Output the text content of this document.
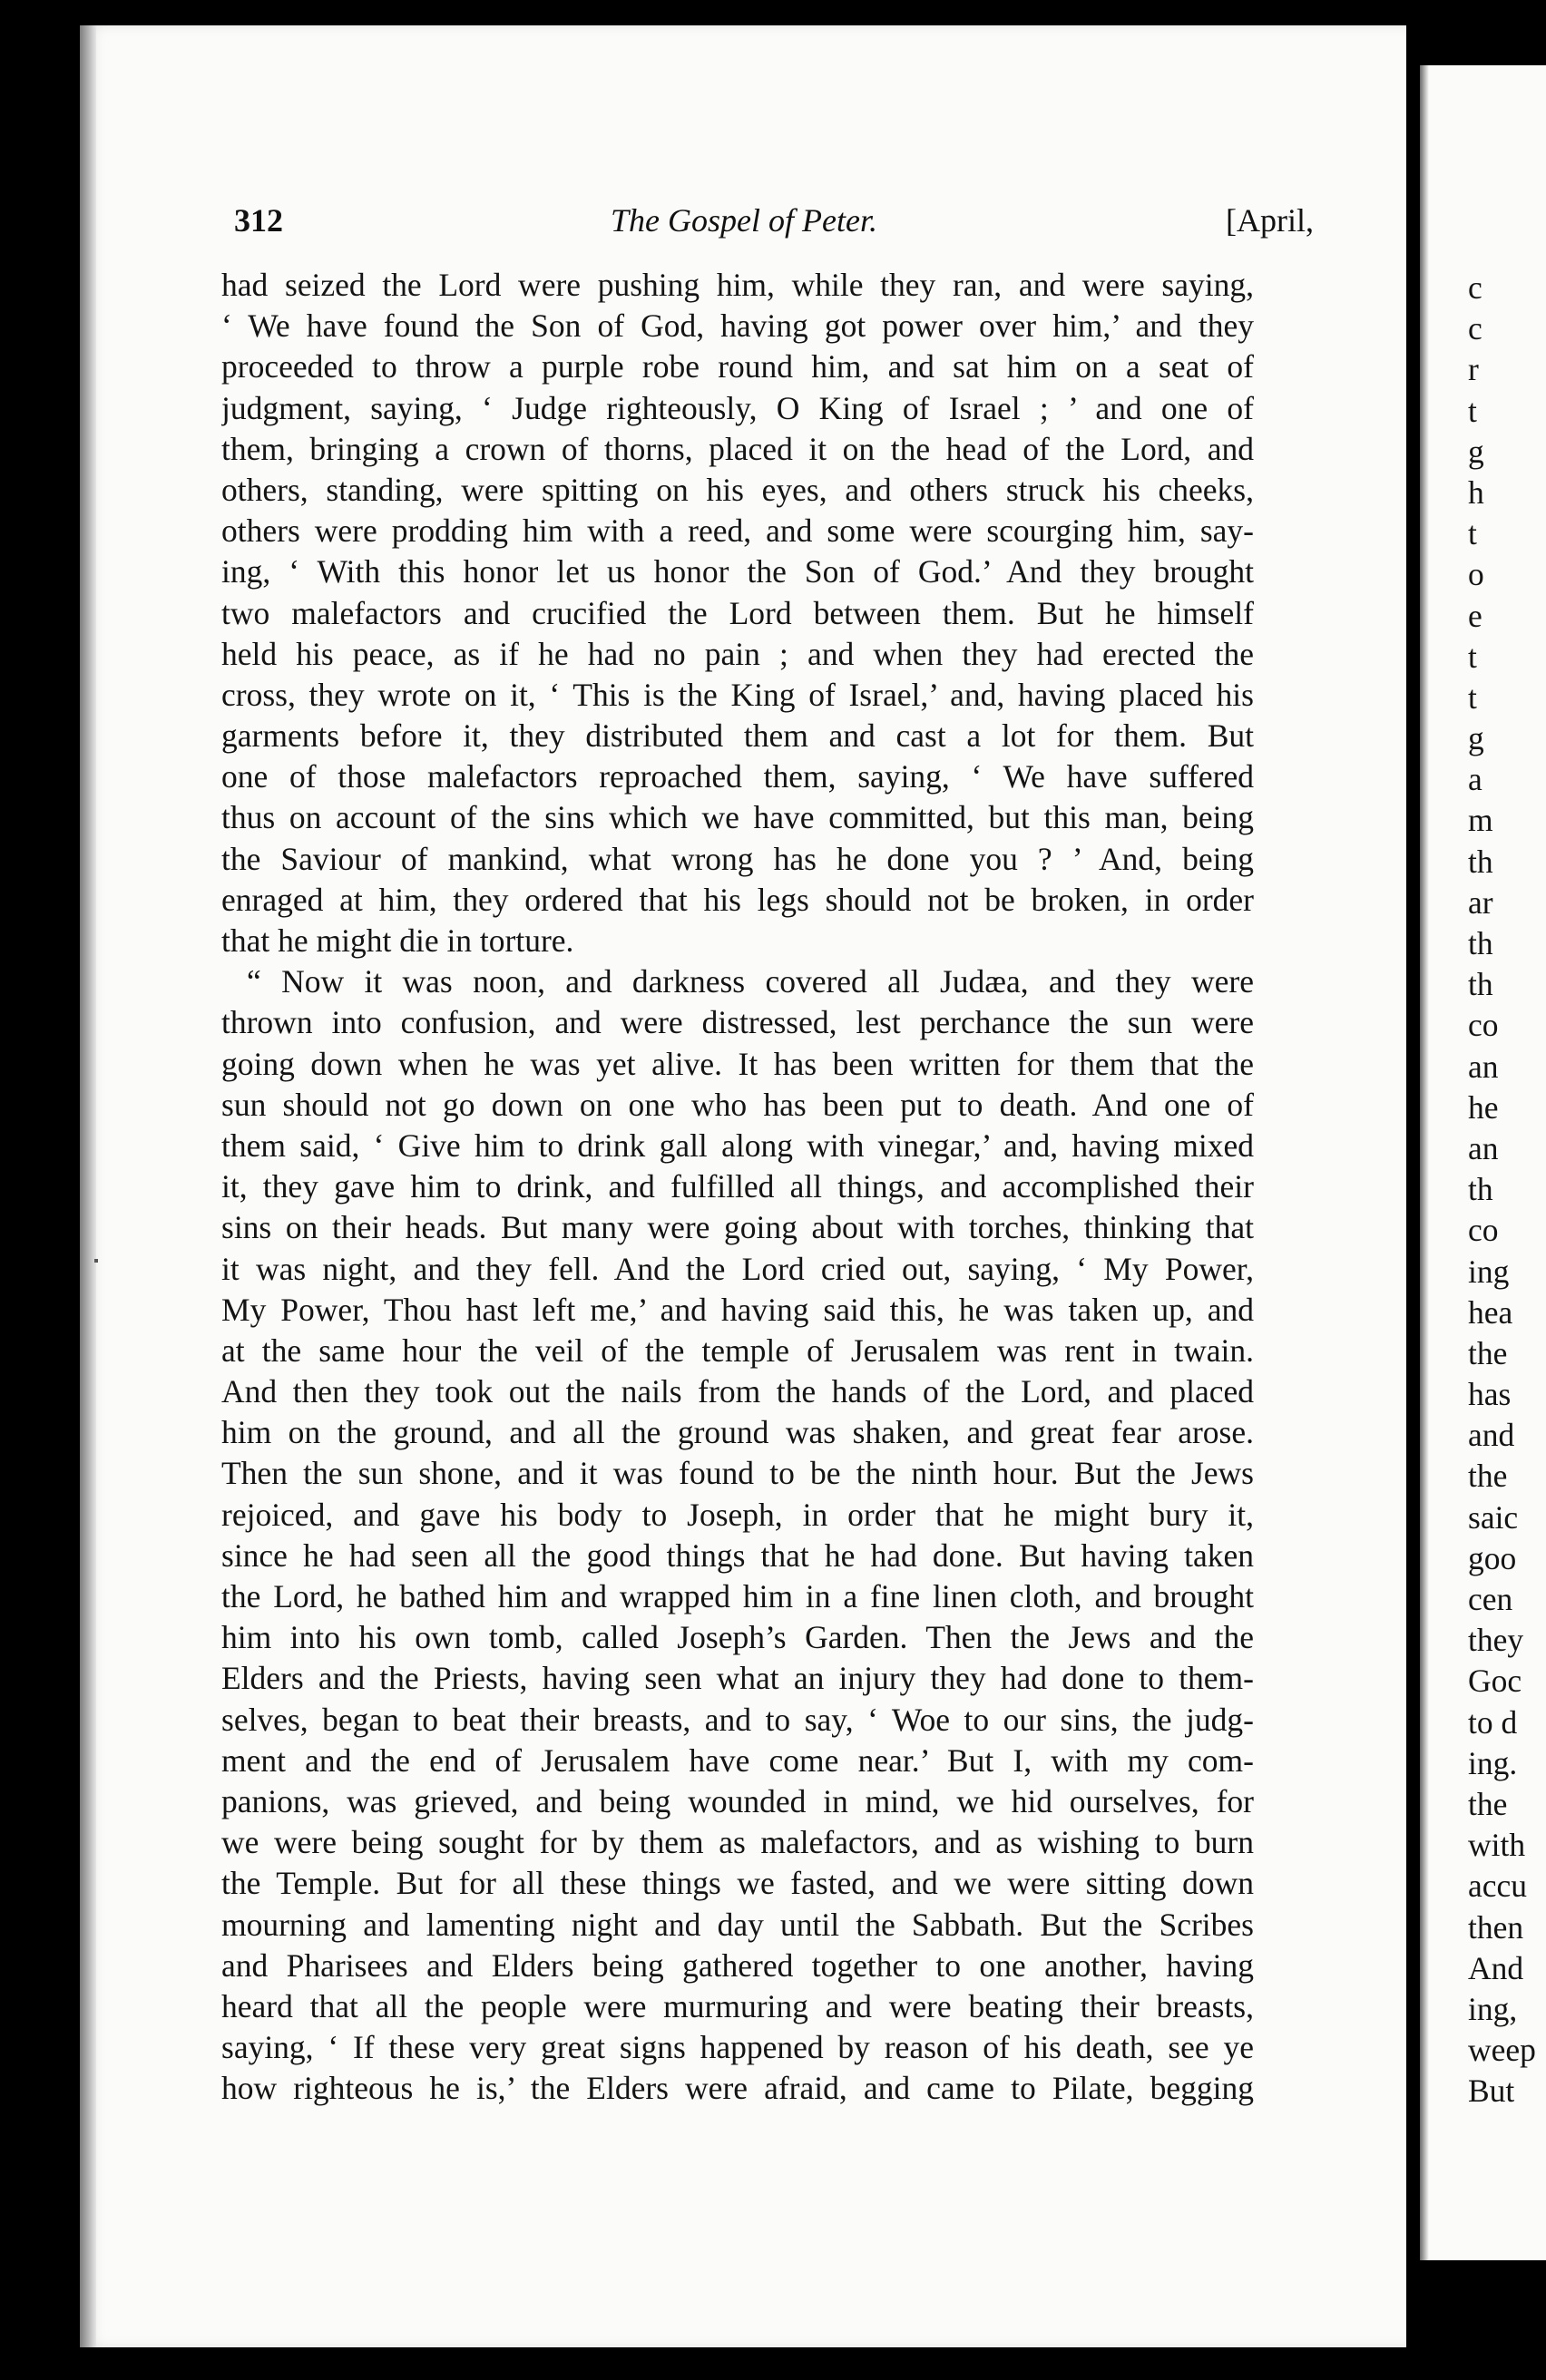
312	The Gospel of Peter.	[April,
had seized the Lord were pushing him, while they ran, and were saying,
‘ We have found the Son of God, having got power over him,’ and they
proceeded to throw a purple robe round him, and sat him on a seat of
judgment, saying, ‘ Judge righteously, O King of Israel ; ’ and one of
them, bringing a crown of thorns, placed it on the head of the Lord, and
others, standing, were spitting on his eyes, and others struck his cheeks,
others were prodding him with a reed, and some were scourging him, say-
ing, ‘ With this honor let us honor the Son of God.’ And they brought
two malefactors and crucified the Lord between them. But he himself
held his peace, as if he had no pain ; and when they had erected the
cross, they wrote on it, ‘ This is the King of Israel,’ and, having placed his
garments before it, they distributed them and cast a lot for them. But
one of those malefactors reproached them, saying, ‘ We have suffered
thus on account of the sins which we have committed, but this man, being
the Saviour of mankind, what wrong has he done you ? ’ And, being
enraged at him, they ordered that his legs should not be broken, in order
that he might die in torture.
“ Now it was noon, and darkness covered all Judæa, and they were
thrown into confusion, and were distressed, lest perchance the sun were
going down when he was yet alive. It has been written for them that the
sun should not go down on one who has been put to death. And one of
them said, ‘ Give him to drink gall along with vinegar,’ and, having mixed
it, they gave him to drink, and fulfilled all things, and accomplished their
sins on their heads. But many were going about with torches, thinking that
it was night, and they fell. And the Lord cried out, saying, ‘ My Power,
My Power, Thou hast left me,’ and having said this, he was taken up, and
at the same hour the veil of the temple of Jerusalem was rent in twain.
And then they took out the nails from the hands of the Lord, and placed
him on the ground, and all the ground was shaken, and great fear arose.
Then the sun shone, and it was found to be the ninth hour. But the Jews
rejoiced, and gave his body to Joseph, in order that he might bury it,
since he had seen all the good things that he had done. But having taken
the Lord, he bathed him and wrapped him in a fine linen cloth, and brought
him into his own tomb, called Joseph’s Garden. Then the Jews and the
Elders and the Priests, having seen what an injury they had done to them-
selves, began to beat their breasts, and to say, ‘ Woe to our sins, the judg-
ment and the end of Jerusalem have come near.’ But I, with my com-
panions, was grieved, and being wounded in mind, we hid ourselves, for
we were being sought for by them as malefactors, and as wishing to burn
the Temple. But for all these things we fasted, and we were sitting down
mourning and lamenting night and day until the Sabbath. But the Scribes
and Pharisees and Elders being gathered together to one another, having
heard that all the people were murmuring and were beating their breasts,
saying, ‘ If these very great signs happened by reason of his death, see ye
how righteous he is,’ the Elders were afraid, and came to Pilate, begging
c
c
r
t
g
h
t
o
e
t
t
g
a
m
th
ar
th
th
co
an
he
an
th
co
ing
hea
the
has
and
the
saic
goo
cen
they
Goc
to d
ing.
the
with
accu
then
And
ing,
weep
But
